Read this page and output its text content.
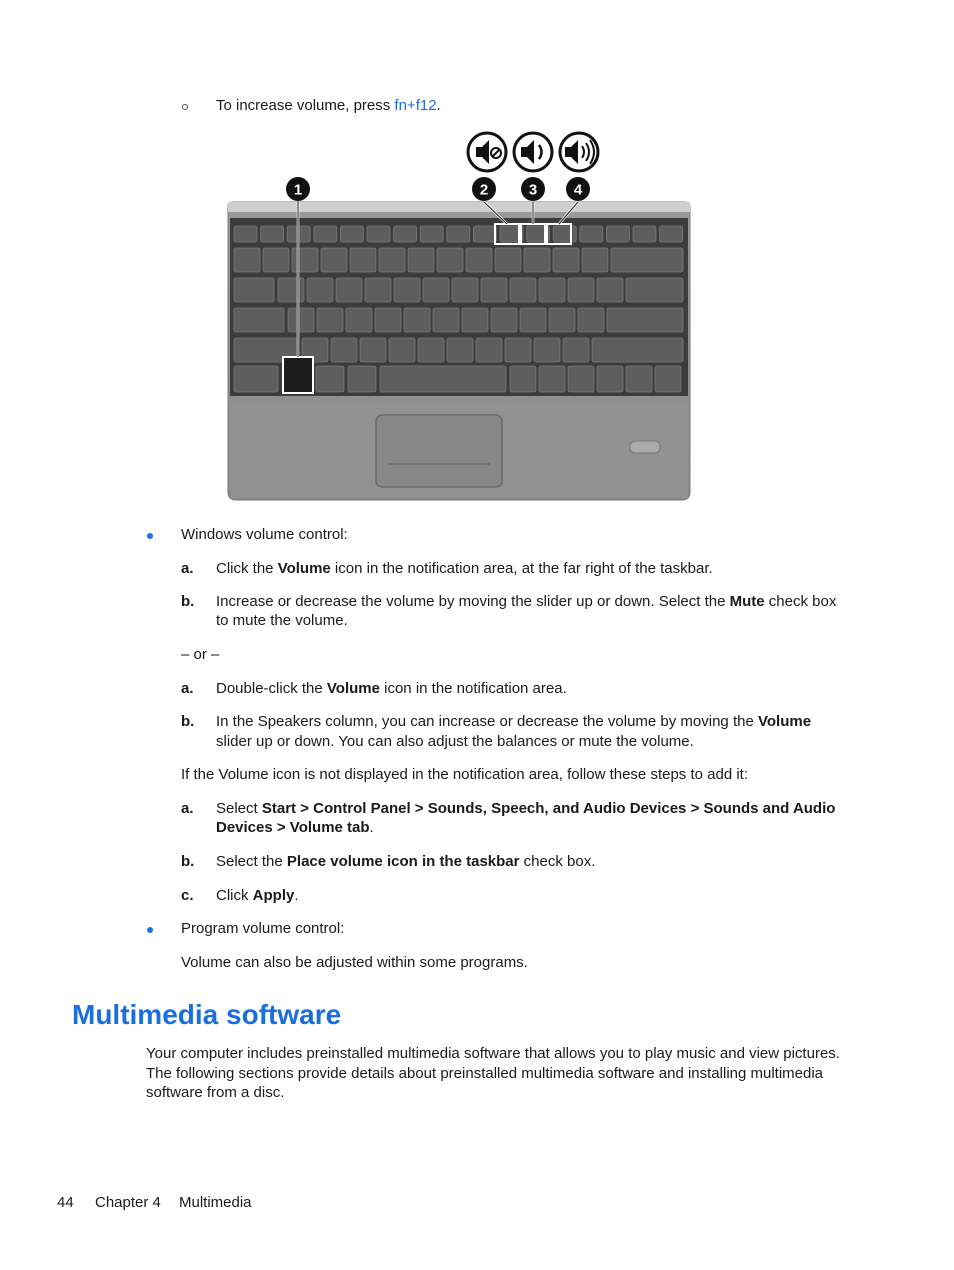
To increase volume, press fn+f12.
1	2	3 4
Windows volume control:
a. Click the Volume icon in the notification area, at the far right of the taskbar.
b. Increase or decrease the volume by moving the slider up or down. Select the Mute check box
to mute the volume.
– or –
a. Double-click the Volume icon in the notification area.
b. In the Speakers column, you can increase or decrease the volume by moving the Volume
slider up or down. You can also adjust the balances or mute the volume.
If the Volume icon is not displayed in the notification area, follow these steps to add it:
a. Select Start > Control Panel > Sounds, Speech, and Audio Devices > Sounds and Audio
Devices > Volume tab.
b. Select the Place volume icon in the taskbar check box.
c. Click Apply.
Program volume control:
Volume can also be adjusted within some programs.
Multimedia software
Your computer includes preinstalled multimedia software that allows you to play music and view pictures.
The following sections provide details about preinstalled multimedia software and installing multimedia
software from a disc.
44 Chapter 4 Multimedia
